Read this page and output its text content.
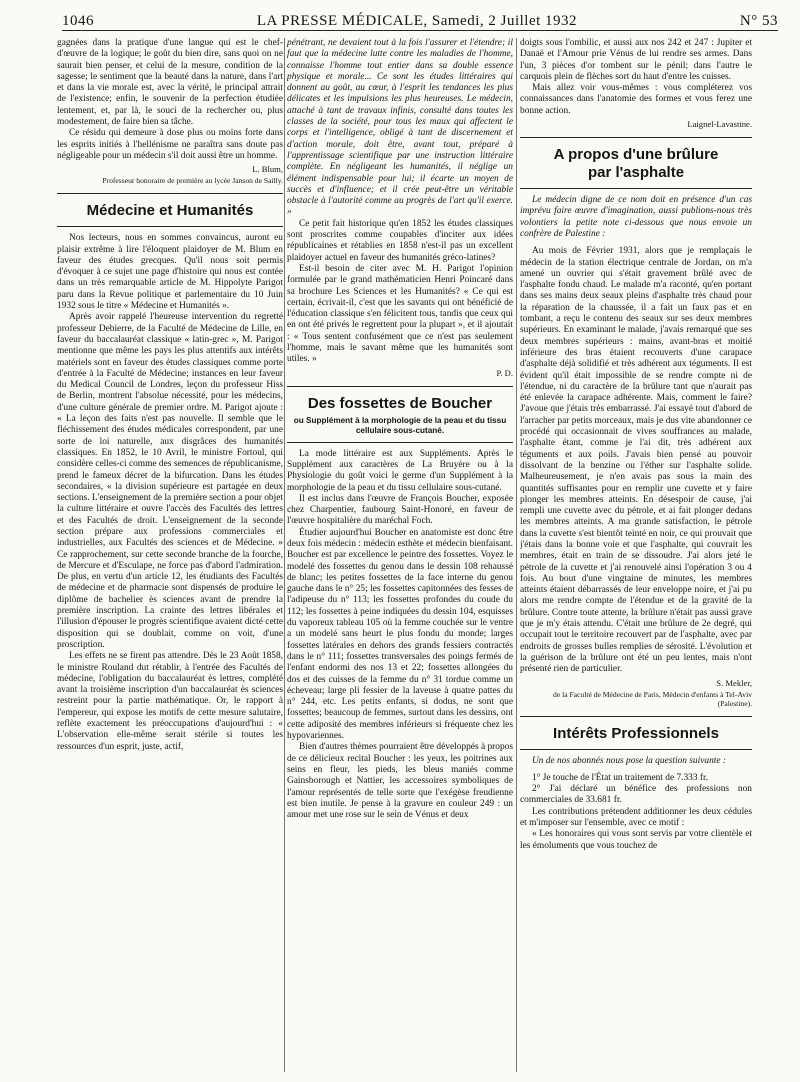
1046	LA PRESSE MÉDICALE, Samedi, 2 Juillet 1932	N° 53

gagnées dans la pratique d'une langue qui est le chef-d'œuvre de la logique; le goût du bien dire, sans quoi on ne saurait bien penser, et celui de la mesure, condition de la sagesse; le sentiment que la beauté dans la nature, dans l'art et dans la vie morale est, avec la vérité, le principal attrait de l'existence; enfin, le souvenir de la perfection étudiée lentement, et, par là, le souci de la rechercher ou, plus modestement, de faire bien sa tâche.

Ce résidu qui demeure à dose plus ou moins forte dans les esprits initiés à l'hellénisme ne paraîtra sans doute pas négligeable pour un médecin s'il doit aussi être un homme.

L. Blum,
Professeur honoraire de première au lycée Janson de Sailly.
Médecine et Humanités

Nos lecteurs, nous en sommes convaincus, auront eu plaisir extrême à lire l'éloquent plaidoyer de M. Blum en faveur des études grecques. Qu'il nous soit permis d'évoquer à ce sujet une page d'histoire qui nous est contée dans un très remarquable article de M. Hippolyte Parigot paru dans la Revue politique et parlementaire du 10 Juin 1932 sous le titre « Médecine et Humanités ».

Après avoir rappelé l'heureuse intervention du regretté professeur Debierre, de la Faculté de Médecine de Lille, en faveur du baccalauréat classique « latin-grec », M. Parigot mentionne que même les pays les plus attentifs aux intérêts matériels sont en faveur des études classiques comme porte d'entrée à la Faculté de Médecine; instances en leur faveur du Medical Council de Londres, leçon du professeur Hiss de Berlin, montrent l'absolue nécessité, pour les médecins, d'une culture générale de premier ordre. M. Parigot ajoute : « La leçon des faits n'est pas nouvelle. Il semble que le fléchissement des études médicales correspondent, par une sorte de loi naturelle, aux disgrâces des humanités classiques. En 1852, le 10 Avril, le ministre Fortoul, qui considère celles-ci comme des semences de républicanisme, prend le fameux décret de la bifurcation. Dans les études secondaires, « la division supérieure est partagée en deux sections. L'enseignement de la première section a pour objet la culture littéraire et ouvre l'accès des Facultés des lettres et des Facultés de droit. L'enseignement de la seconde section prépare aux professions commerciales et industrielles, aux Facultés des sciences et de Médecine. » Ce rapprochement, sur cette seconde branche de la fourche, de Mercure et d'Esculape, ne force pas d'abord l'admiration. De plus, en vertu d'un article 12, les étudiants des Facultés de médecine et de pharmacie sont dispensés de produire le diplôme de bachelier ès sciences avant de prendre la première inscription. La crainte des lettres libérales et l'illusion d'épouser le progrès scientifique avaient dicté cette disposition qui se doublait, comme on voit, d'une proscription.

Les effets ne se firent pas attendre. Dès le 23 Août 1858, le ministre Rouland dut rétablir, à l'entrée des Facultés de médecine, l'obligation du baccalauréat ès lettres, complété avant la troisième inscription d'un baccalauréat ès sciences restreint pour la partie mathématique. Or, le rapport à l'empereur, qui expose les motifs de cette mesure salutaire, reflète exactement les préoccupations d'aujourd'hui : « L'observation elle-même serait stérile si toutes les ressources d'un esprit, juste, actif,

pénétrant, ne devaient tout à la fois l'assurer et l'étendre; il faut que la médecine lutte contre les maladies de l'homme, connaisse l'homme tout entier dans sa double essence physique et morale... Ce sont les études littéraires qui donnent au goût, au cœur, à l'esprit les tendances les plus délicates et les impulsions les plus heureuses. Le médecin, attaché à tant de travaux infinis, consulté dans toutes les classes de la société, pour tous les maux qui affectent le corps et l'intelligence, obligé à tant de discernement et d'action morale, doit être, avant tout, préparé à l'apprentissage scientifique par une instruction littéraire complète. En négligeant les humanités, il néglige un élément indispensable pour lui; il écarte un moyen de succès et d'influence; et il crée peut-être un véritable obstacle à l'autorité comme au progrès de l'art qu'il exerce. »

Ce petit fait historique qu'en 1852 les études classiques sont proscrites comme coupables d'inciter aux idées républicaines et rétablies en 1858 n'est-il pas un excellent plaidoyer actuel en faveur des humanités gréco-latines?

Est-il besoin de citer avec M. H. Parigot l'opinion formulée par le grand mathématicien Henri Poincaré dans sa brochure Les Sciences et les Humanités? « Ce qui est certain, écrivait-il, c'est que les savants qui ont bénéficié de l'éducation classique s'en félicitent tous, tandis que ceux qui en ont été privés le regrettent pour la plupart », et il ajoutait : « Tous sentent confusément que ce n'est pas seulement l'homme, mais le savant même que les humanités sont utiles. »

P. D.
Des fossettes de Boucher
ou Supplément à la morphologie de la peau et du tissu cellulaire sous-cutané.

La mode littéraire est aux Suppléments. Après le Supplément aux caractères de La Bruyère ou à la Physiologie du goût voici le germe d'un Supplément à la morphologie de la peau et du tissu cellulaire sous-cutané.

Il est inclus dans l'œuvre de François Boucher, exposée chez Charpentier, faubourg Saint-Honoré, en faveur de l'œuvre hospitalière du maréchal Foch.

Étudier aujourd'hui Boucher en anatomiste est donc être deux fois médecin : médecin esthète et médecin bienfaisant. Boucher est par excellence le peintre des fossettes. Voyez le modelé des fossettes du genou dans le dessin 108 rehaussé de blanc; les petites fossettes de la face interne du genou gauche dans le n° 25; les fossettes capitonnées des fesses de l'adipeuse du n° 113; les fossettes profondes du coude du 112; les fossettes à peine indiquées du dessin 104, esquisses du vaporeux tableau 105 où la femme couchée sur le ventre a un modelé sans heurt le plus fondu du monde; larges fossettes latérales en dehors des grands fessiers contractés dans le n° 111; fossettes transversales des poings fermés de l'enfant endormi des nos 13 et 22; fossettes allongées du dos et des cuisses de la femme du n° 31 tordue comme un écheveau; large pli fessier de la laveuse à quatre pattes du n° 244, etc. Les petits enfants, si dodus, ne sont que fossettes; beaucoup de femmes, surtout dans les dessins, ont cette adiposité des membres inférieurs si fréquente chez les hypovariennes.

Bien d'autres thèmes pourraient être développés à propos de ce délicieux recital Boucher : les yeux, les poitrines aux seins en fleur, les pieds, les bleus maniés comme Gainsborough et Nattier, les accessoires symboliques de l'amour représentés de telle sorte que l'exégèse freudienne est bien inutile. Je pense à la gravure en couleur 249 : un amour met une rose sur le sein de Vénus et deux

doigts sous l'ombilic, et aussi aux nos 242 et 247 : Jupiter et Danaë et l'Amour prie Vénus de lui rendre ses armes. Dans l'un, 3 pièces d'or tombent sur le pénil; dans l'autre le carquois plein de flèches sort du haut d'entre les cuisses.

Mais allez voir vous-mêmes : vous compléterez vos connaissances dans l'anatomie des formes et vous ferez une bonne action.

Laignel-Lavastine.
A propos d'une brûlure
par l'asphalte

Le médecin digne de ce nom doit en présence d'un cas imprévu faire œuvre d'imagination, aussi publions-nous très volontiers la petite note ci-dessous que nous envoie un confrère de Palestine :

Au mois de Février 1931, alors que je remplaçais le médecin de la station électrique centrale de Jordan, on m'a amené un ouvrier qui s'était gravement brûlé avec de l'asphalte fondu chaud. Le malade m'a raconté, qu'en portant dans ses mains deux seaux pleins d'asphalte très chaud pour la réparation de la chaussée, il a fait un faux pas et en tombant, a reçu le contenu des seaux sur ses deux membres supérieurs. En examinant le malade, j'avais remarqué que ses deux membres supérieurs : mains, avant-bras et moitié inférieure des bras étaient recouverts d'une carapace d'asphalte déjà solidifié et très adhérent aux téguments. Il est évident qu'il était impossible de se rendre compte ni de l'étendue, ni du caractère de la brûlure tant que n'aurait pas été enlevée la carapace adhérente. Mais, comment le faire? J'avoue que j'étais très embarrassé. J'ai essayé tout d'abord de l'arracher par petits morceaux, mais je dus vite abandonner ce procédé qui occasionnait de vives souffrances au malade, l'asphalte étant, comme je l'ai dit, très adhérent aux téguments et aux poils. J'avais bien pensé au pouvoir dissolvant de la benzine ou l'éther sur l'asphalte solide. Malheureusement, je n'en avais pas sous la main des quantités suffisantes pour en remplir une cuvette et y faire plonger les membres atteints. En désespoir de cause, j'ai rempli une cuvette avec du pétrole, et ai fait plonger dedans les membres atteints. A ma grande satisfaction, le pétrole dans la cuvette s'est bientôt teinté en noir, ce qui prouvait que j'étais dans la bonne voie et que l'asphalte, qui couvrait les membres, était en train de se dissoudre. J'ai alors jeté le pétrole de la cuvette et j'ai renouvelé ainsi l'opération 3 ou 4 fois. Au bout d'une vingtaine de minutes, les membres atteints étaient débarrassés de leur enveloppe noire, et j'ai pu alors me rendre compte de l'étendue et de la gravité de la brûlure. Contre toute attente, la brûlure n'était pas aussi grave que je m'y étais attendu. C'était une brûlure de 2e degré, qui occupait tout le territoire recouvert par de l'asphalte, avec par endroits de grosses bulles remplies de sérosité. L'évolution et la guérison de la brûlure ont été un peu lentes, mais n'ont présenté rien de particulier.

S. Mekler,
de la Faculté de Médecine de Paris, Médecin d'enfants à Tel-Aviv (Palestine).
Intérêts Professionnels

Un de nos abonnés nous pose la question suivante :

1° Je touche de l'État un traitement de 7.333 fr.

2° J'ai déclaré un bénéfice des professions non commerciales de 33.681 fr.

Les contributions prétendent additionner les deux cédules et m'imposer sur l'ensemble, avec ce motif :

« Les honoraires qui vous sont servis par votre clientèle et les émoluments que vous touchez de
